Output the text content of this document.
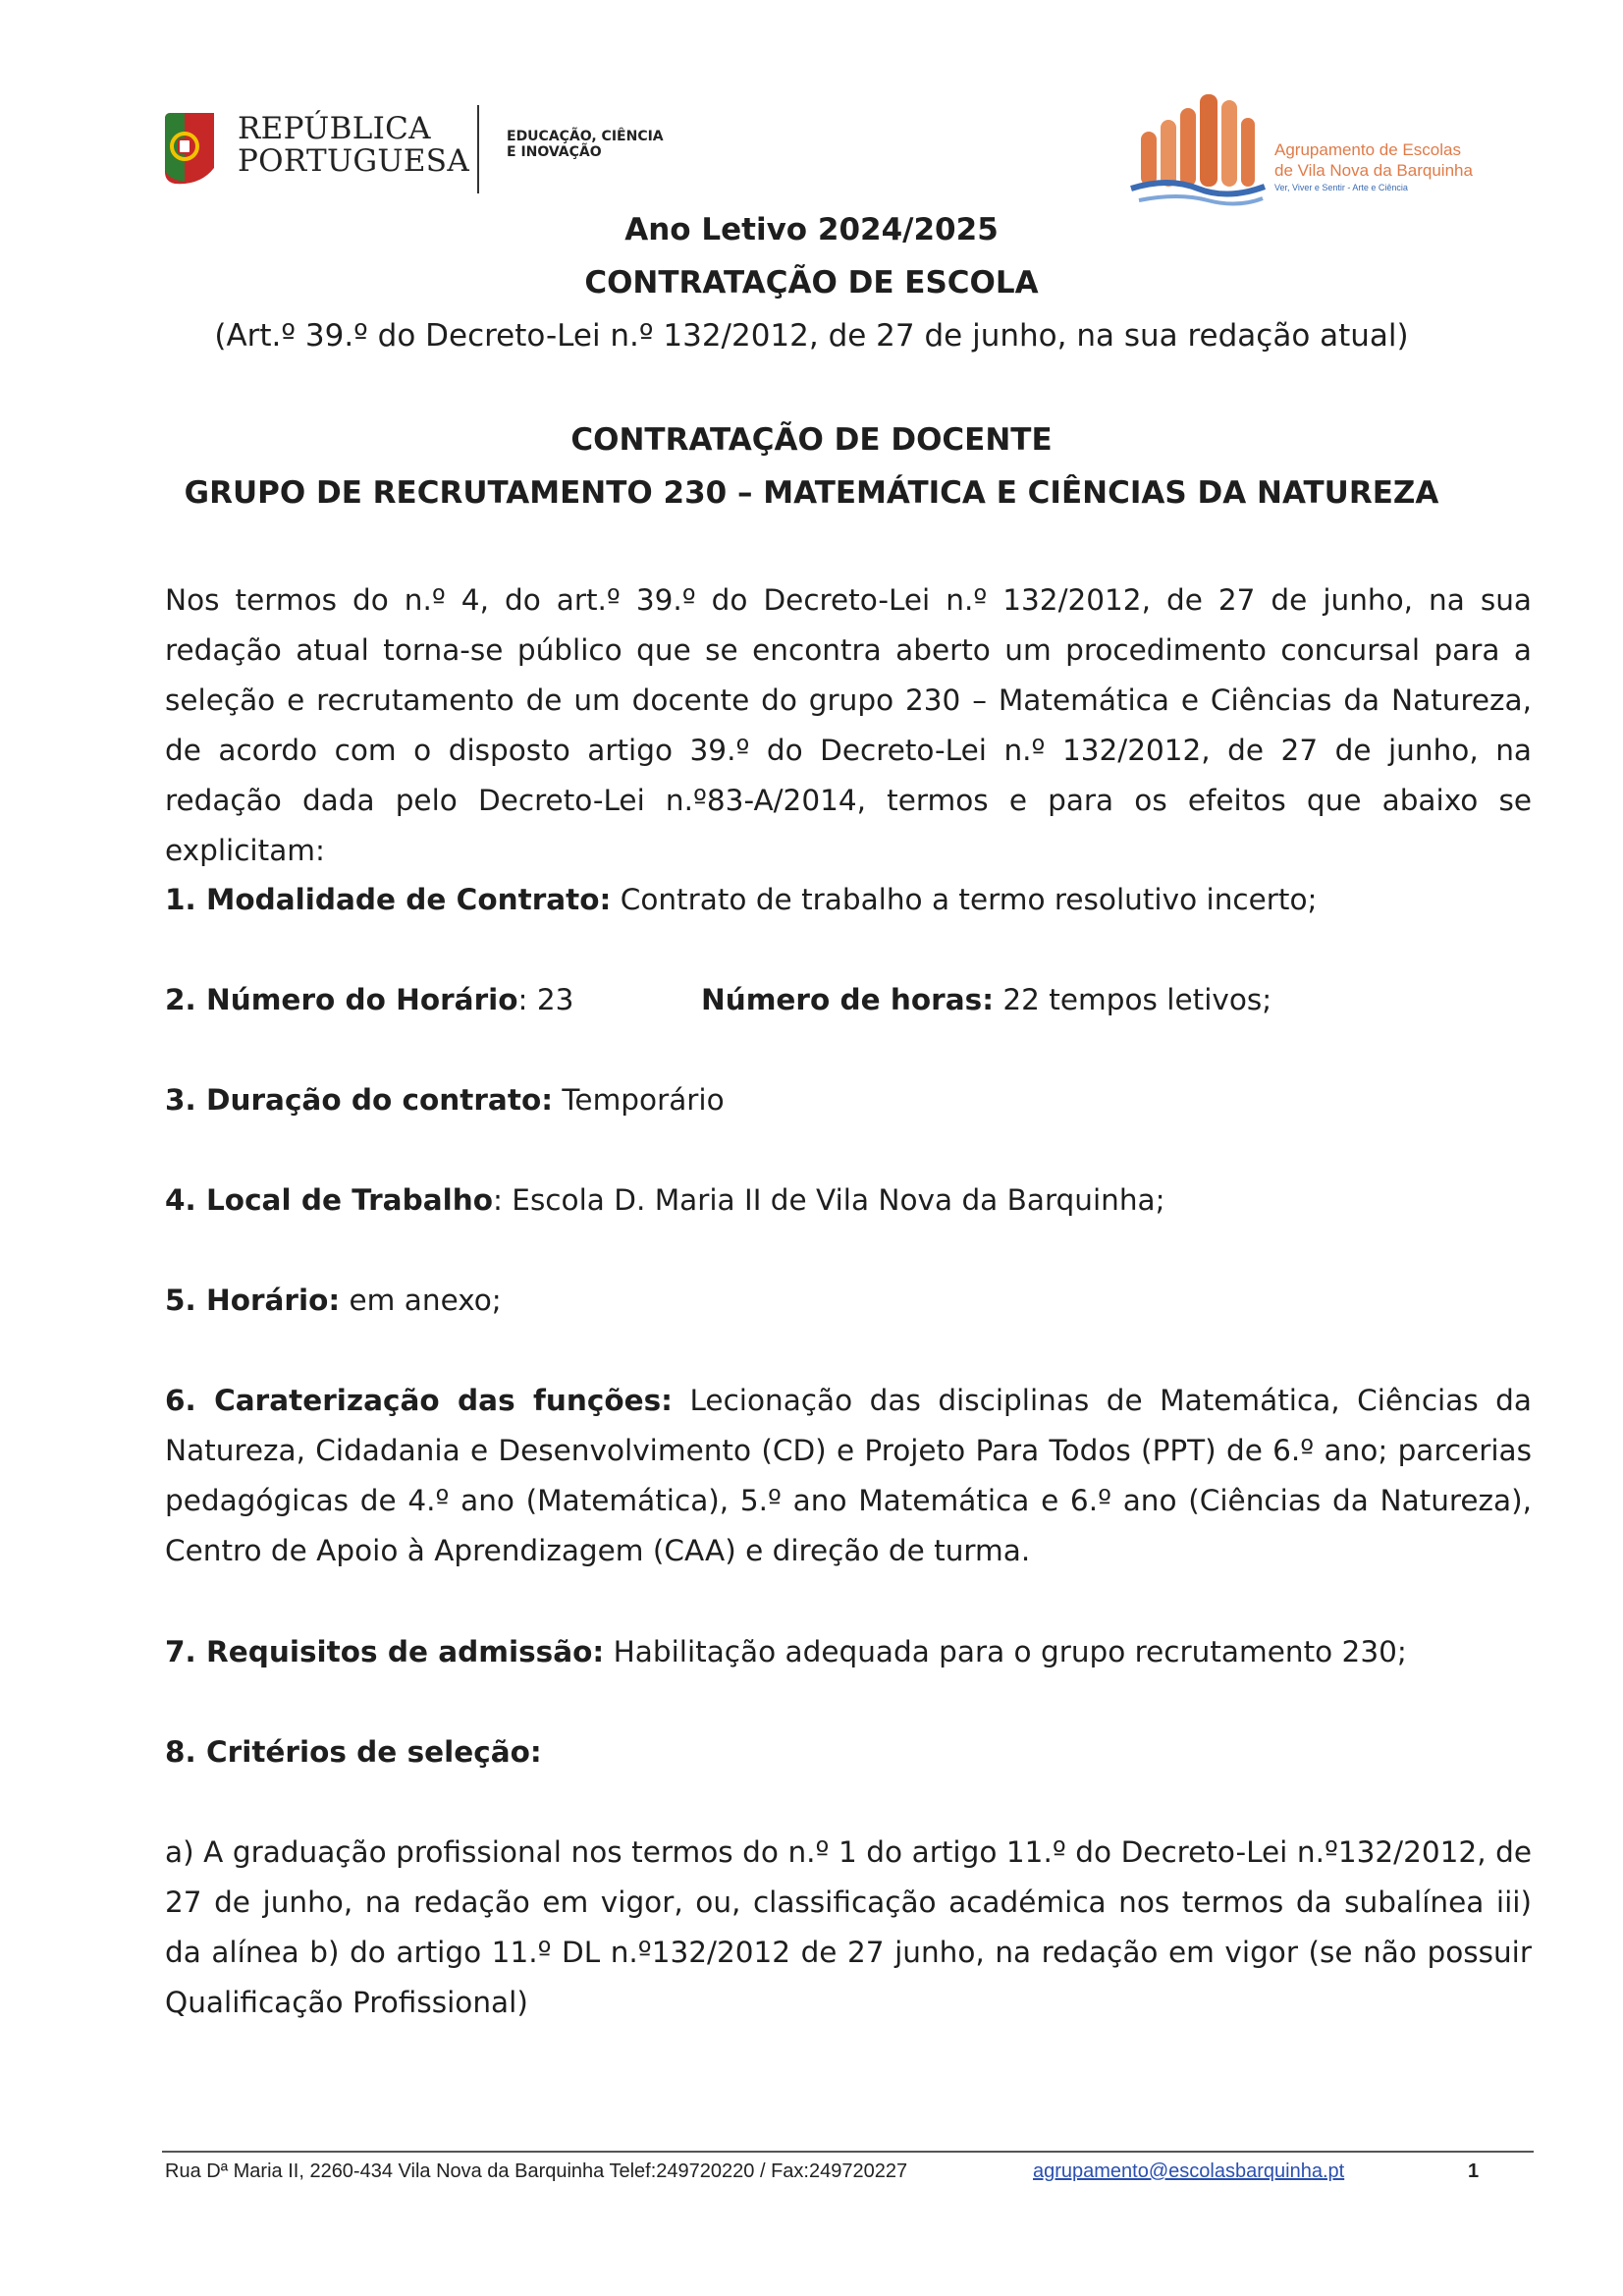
REPÚBLICA
PORTUGUESA
EDUCAÇÃO, CIÊNCIA
E INOVAÇÃO	Agrupamento de Escolas
de Vila Nova da Barquinha
Ver, Viver e Sentir - Arte e Ciência
Ano Letivo 2024/2025
CONTRATAÇÃO DE ESCOLA
(Art.º 39.º do Decreto-Lei n.º 132/2012, de 27 de junho, na sua redação atual)
CONTRATAÇÃO DE DOCENTE
GRUPO DE RECRUTAMENTO 230 – MATEMÁTICA E CIÊNCIAS DA NATUREZA
Nos termos do n.º 4, do art.º 39.º do Decreto-Lei n.º 132/2012, de 27 de junho, na sua redação atual torna-se público que se encontra aberto um procedimento concursal para a seleção e recrutamento de um docente do grupo 230 – Matemática e Ciências da Natureza, de acordo com o disposto artigo 39.º do Decreto-Lei n.º 132/2012, de 27 de junho, na redação dada pelo Decreto-Lei n.º83-A/2014, termos e para os efeitos que abaixo se explicitam:
1. Modalidade de Contrato: Contrato de trabalho a termo resolutivo incerto;
2. Número do Horário: 23	Número de horas: 22 tempos letivos;
3. Duração do contrato: Temporário
4. Local de Trabalho: Escola D. Maria II de Vila Nova da Barquinha;
5. Horário: em anexo;
6. Caraterização das funções: Lecionação das disciplinas de Matemática, Ciências da Natureza, Cidadania e Desenvolvimento (CD) e Projeto Para Todos (PPT) de 6.º ano; parcerias pedagógicas de 4.º ano (Matemática), 5.º ano Matemática e 6.º ano (Ciências da Natureza), Centro de Apoio à Aprendizagem (CAA) e direção de turma.
7. Requisitos de admissão: Habilitação adequada para o grupo recrutamento 230;
8. Critérios de seleção:
a) A graduação profissional nos termos do n.º 1 do artigo 11.º do Decreto-Lei n.º132/2012, de 27 de junho, na redação em vigor, ou, classificação académica nos termos da subalínea iii) da alínea b) do artigo 11.º DL n.º132/2012 de 27 junho, na redação em vigor (se não possuir Qualificação Profissional)
Rua Dª Maria II, 2260-434 Vila Nova da Barquinha Telef:249720220 / Fax:249720227	agrupamento@escolasbarquinha.pt	1
